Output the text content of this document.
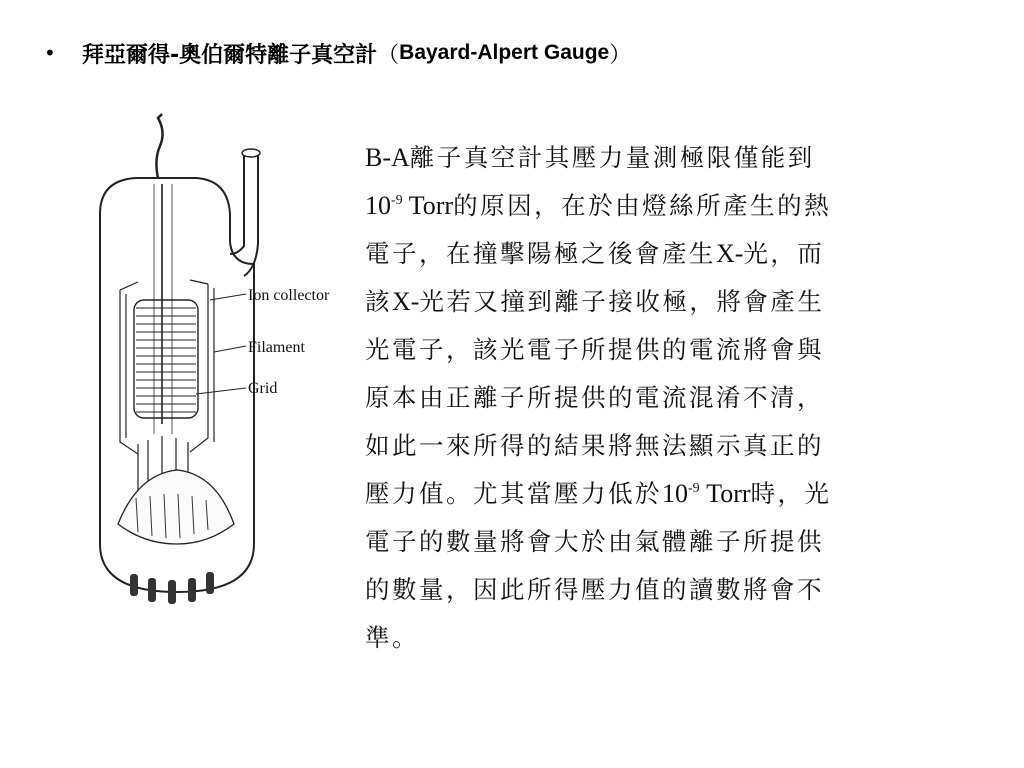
•	拜亞爾得-奧伯爾特離子真空計 （ Bayard-Alpert Gauge ）
Ion collector
Filament
Grid
B-A離子真空計其壓力量測極限僅能到
$10^{-9}$ Torr的原因，在於由燈絲所產生的熱
電子，在撞擊陽極之後會產生X-光，而
該X-光若又撞到離子接收極，將會產生
光電子，該光電子所提供的電流將會與
原本由正離子所提供的電流混淆不清，
如此一來所得的結果將無法顯示真正的
壓力值。尤其當壓力低於$10^{-9}$ Torr時，光
電子的數量將會大於由氣體離子所提供
的數量，因此所得壓力值的讀數將會不
準。
